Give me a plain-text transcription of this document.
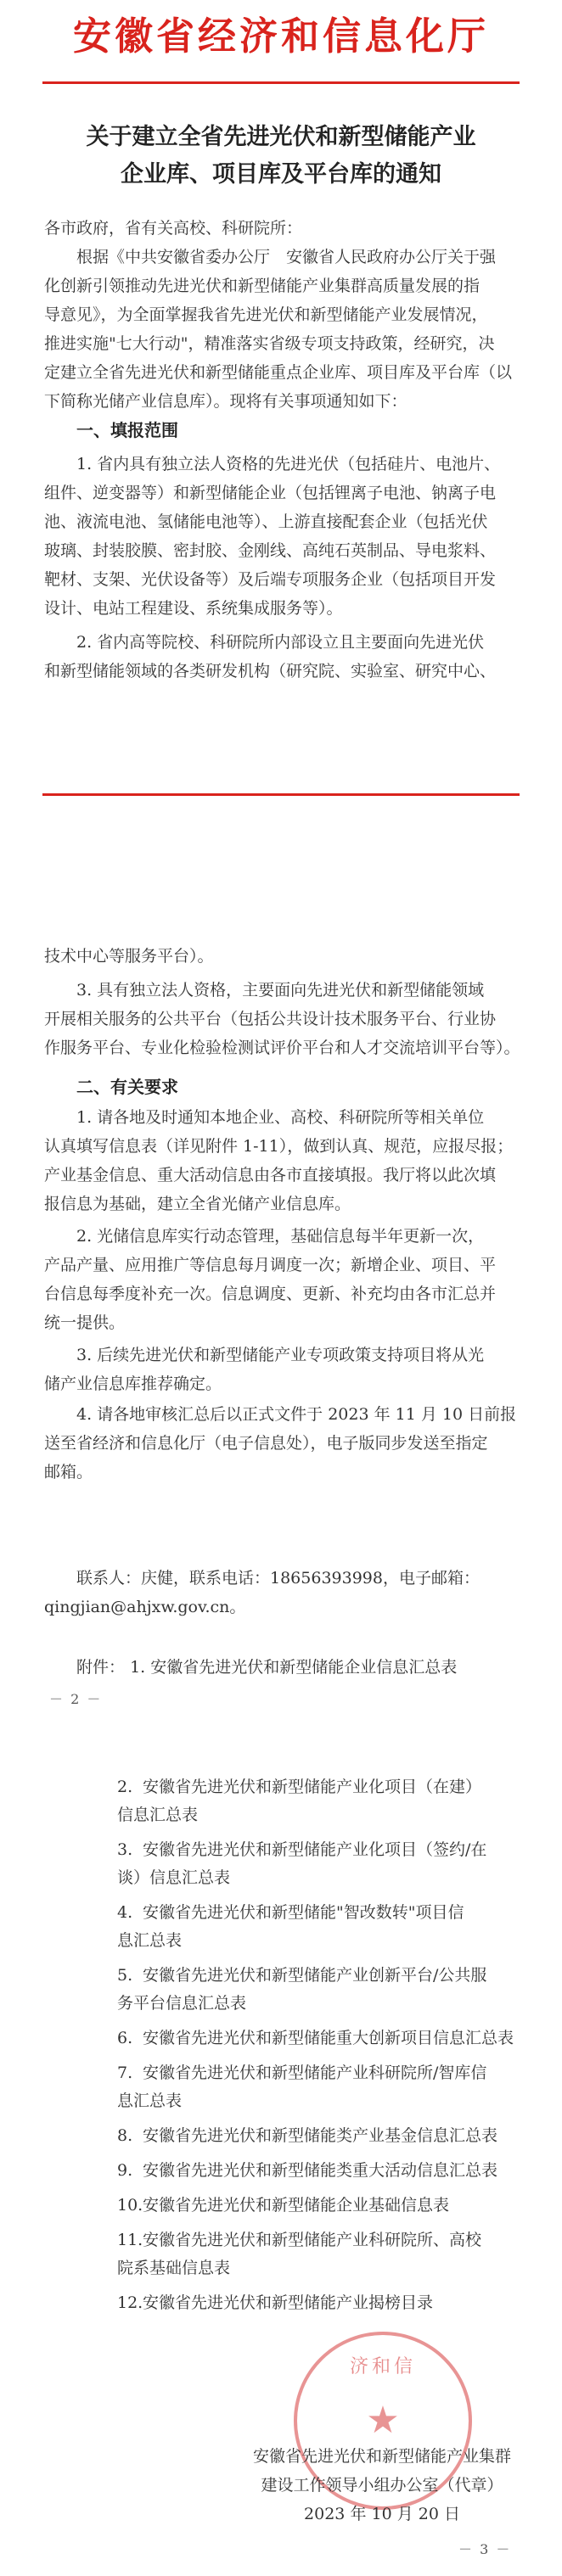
安徽省经济和信息化厅
关于建立全省先进光伏和新型储能产业
企业库、项目库及平台库的通知
各市政府，省有关高校、科研院所：
根据《中共安徽省委办公厅　安徽省人民政府办公厅关于强
化创新引领推动先进光伏和新型储能产业集群高质量发展的指
导意见》，为全面掌握我省先进光伏和新型储能产业发展情况，
推进实施"七大行动"，精准落实省级专项支持政策，经研究，决
定建立全省先进光伏和新型储能重点企业库、项目库及平台库（以
下简称光储产业信息库）。现将有关事项通知如下：
一、填报范围
1. 省内具有独立法人资格的先进光伏（包括硅片、电池片、
组件、逆变器等）和新型储能企业（包括锂离子电池、钠离子电
池、液流电池、氢储能电池等）、上游直接配套企业（包括光伏
玻璃、封装胶膜、密封胶、金刚线、高纯石英制品、导电浆料、
靶材、支架、光伏设备等）及后端专项服务企业（包括项目开发
设计、电站工程建设、系统集成服务等）。
2. 省内高等院校、科研院所内部设立且主要面向先进光伏
和新型储能领域的各类研发机构（研究院、实验室、研究中心、
技术中心等服务平台）。
3. 具有独立法人资格，主要面向先进光伏和新型储能领域
开展相关服务的公共平台（包括公共设计技术服务平台、行业协
作服务平台、专业化检验检测试评价平台和人才交流培训平台等）。
二、有关要求
1. 请各地及时通知本地企业、高校、科研院所等相关单位
认真填写信息表（详见附件 1-11），做到认真、规范，应报尽报；
产业基金信息、重大活动信息由各市直接填报。我厅将以此次填
报信息为基础，建立全省光储产业信息库。
2. 光储信息库实行动态管理，基础信息每半年更新一次，
产品产量、应用推广等信息每月调度一次；新增企业、项目、平
台信息每季度补充一次。信息调度、更新、补充均由各市汇总并
统一提供。
3. 后续先进光伏和新型储能产业专项政策支持项目将从光
储产业信息库推荐确定。
4. 请各地审核汇总后以正式文件于 2023 年 11 月 10 日前报
送至省经济和信息化厅（电子信息处），电子版同步发送至指定
邮箱。
联系人：庆健，联系电话：18656393998，电子邮箱：
qingjian@ahjxw.gov.cn。
附件： 1. 安徽省先进光伏和新型储能企业信息汇总表
－ 2 －
2. 安徽省先进光伏和新型储能产业化项目（在建）
信息汇总表
3. 安徽省先进光伏和新型储能产业化项目（签约/在
谈）信息汇总表
4. 安徽省先进光伏和新型储能"智改数转"项目信
息汇总表
5. 安徽省先进光伏和新型储能产业创新平台/公共服
务平台信息汇总表
6. 安徽省先进光伏和新型储能重大创新项目信息汇总表
7. 安徽省先进光伏和新型储能产业科研院所/智库信
息汇总表
8. 安徽省先进光伏和新型储能类产业基金信息汇总表
9. 安徽省先进光伏和新型储能类重大活动信息汇总表
10.安徽省先进光伏和新型储能企业基础信息表
11.安徽省先进光伏和新型储能产业科研院所、高校
院系基础信息表
12.安徽省先进光伏和新型储能产业揭榜目录
济和信
★
安徽省先进光伏和新型储能产业集群
建设工作领导小组办公室（代章）
2023 年 10 月 20 日
－ 3 －
